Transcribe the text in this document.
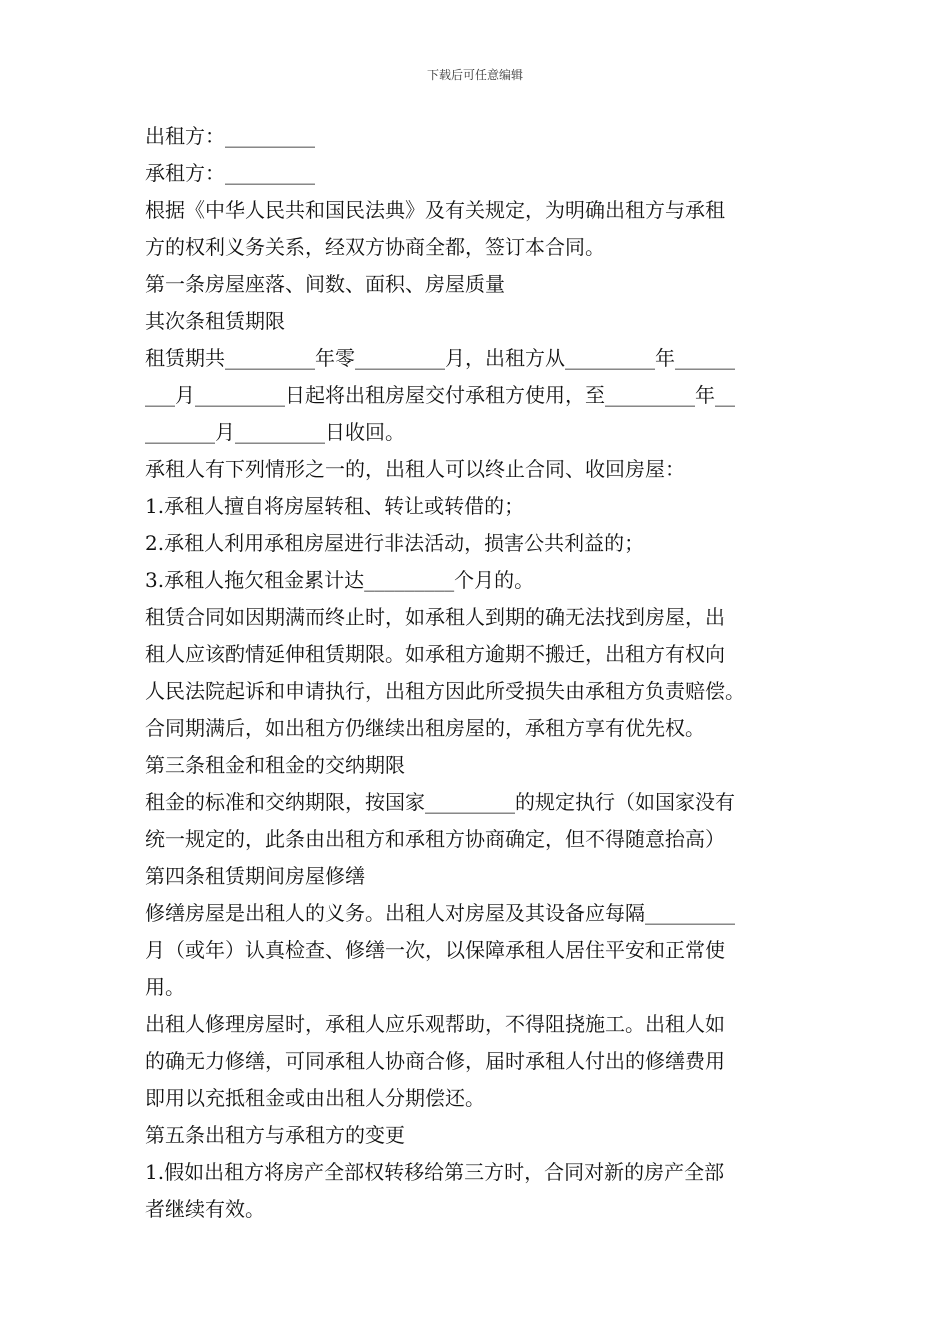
下载后可任意编辑
出租方：_________
承租方：_________
根据《中华人民共和国民法典》及有关规定，为明确出租方与承租
方的权利义务关系，经双方协商全都，签订本合同。
第一条房屋座落、间数、面积、房屋质量
其次条租赁期限
租赁期共_________年零_________月，出租方从_________年______
___月_________日起将出租房屋交付承租方使用，至_________年__
_______月_________日收回。
承租人有下列情形之一的，出租人可以终止合同、收回房屋：
1.承租人擅自将房屋转租、转让或转借的；
2.承租人利用承租房屋进行非法活动，损害公共利益的；
3.承租人拖欠租金累计达_________个月的。
租赁合同如因期满而终止时，如承租人到期的确无法找到房屋，出
租人应该酌情延伸租赁期限。如承租方逾期不搬迁，出租方有权向
人民法院起诉和申请执行，出租方因此所受损失由承租方负责赔偿。
合同期满后，如出租方仍继续出租房屋的，承租方享有优先权。
第三条租金和租金的交纳期限
租金的标准和交纳期限，按国家_________的规定执行（如国家没有
统一规定的，此条由出租方和承租方协商确定，但不得随意抬高）
第四条租赁期间房屋修缮
修缮房屋是出租人的义务。出租人对房屋及其设备应每隔_________
月（或年）认真检查、修缮一次，以保障承租人居住平安和正常使
用。
出租人修理房屋时，承租人应乐观帮助，不得阻挠施工。出租人如
的确无力修缮，可同承租人协商合修，届时承租人付出的修缮费用
即用以充抵租金或由出租人分期偿还。
第五条出租方与承租方的变更
1.假如出租方将房产全部权转移给第三方时，合同对新的房产全部
者继续有效。
